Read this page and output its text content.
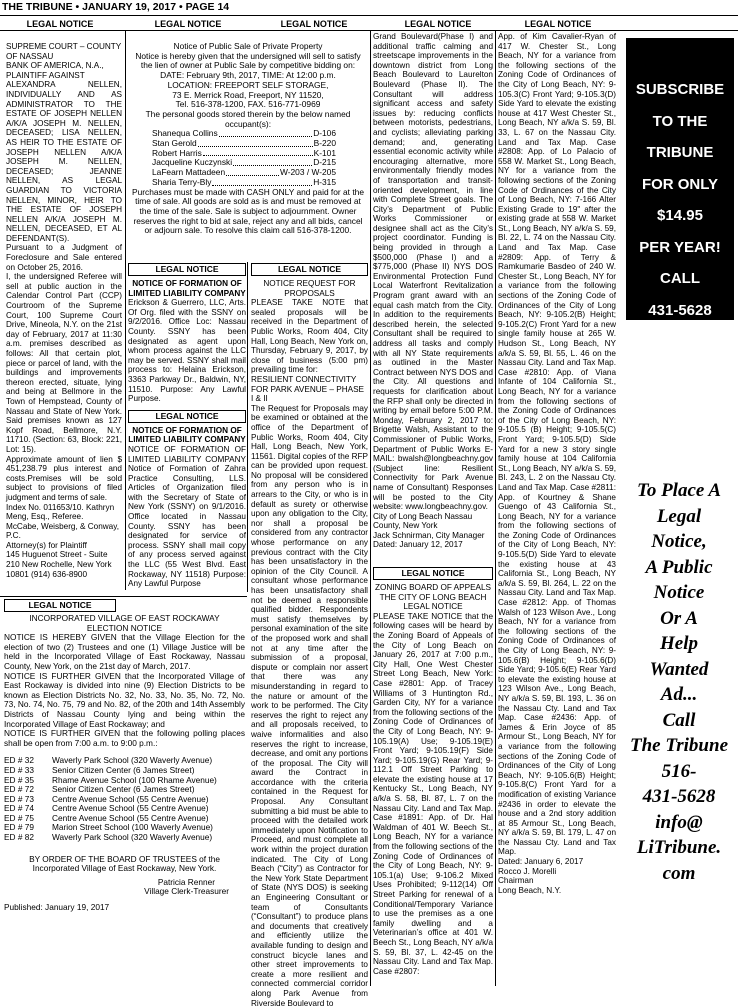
THE TRIBUNE • JANUARY 19, 2017 • PAGE 14
LEGAL NOTICE	LEGAL NOTICE	LEGAL NOTICE	LEGAL NOTICE	LEGAL NOTICE

SUPREME COURT – COUNTY OF NASSAU

BANK OF AMERICA, N.A., PLAINTIFF AGAINST

ALEXANDRA NELLEN, INDIVIDUALLY AND AS ADMINISTRATOR TO THE ESTATE OF JOSEPH NELLEN A/K/A JOSEPH M. NELLEN, DECEASED; LISA NELLEN, AS HEIR TO THE ESTATE OF JOSEPH NELLEN A/K/A JOSEPH M. NELLEN, DECEASED; JEANNE NELLEN, AS LEGAL GUARDIAN TO VICTORIA NELLEN, MINOR, HEIR TO THE ESTATE OF JOSEPH NELLEN A/K/A JOSEPH M. NELLEN, DECEASED, ET AL DEFENDANT(S).

Pursuant to a Judgment of Foreclosure and Sale entered on October 25, 2016.

I, the undersigned Referee will sell at public auction in the Calendar Control Part (CCP) Courtroom of the Supreme Court, 100 Supreme Court Drive, Mineola, N.Y. on the 21st day of February, 2017 at 11:30 a.m. premises described as follows: All that certain plot, piece or parcel of land, with the buildings and improvements thereon erected, situate, lying and being at Bellmore in the Town of Hempstead, County of Nassau and State of New York. Said premises known as 127 Kopf Road, Bellmore, N.Y. 11710. (Section: 63, Block: 221, Lot: 15).

Approximate amount of lien $ 451,238.79 plus interest and costs.Premises will be sold subject to provisions of filed judgment and terms of sale.

Index No. 011653/10. Kathryn Meng, Esq., Referee.

McCabe, Weisberg, & Conway, P.C.

Attorney(s) for Plaintiff

145 Huguenot Street - Suite 210 New Rochelle, New York 10801 (914) 636-8900

Notice of Public Sale of Private Property

Notice is hereby given that the undersigned will sell to satisfy the lien of owner at Public Sale by competitive bidding on:

DATE: February 9th, 2017, TIME: At 12:00 p.m.

LOCATION: FREEPORT SELF STORAGE,

73 E. Merrick Road, Freeport, NY 11520,

Tel. 516-378-1200, FAX. 516-771-0969

The personal goods stored therein by the below named occupant(s):

Shanequa Collins	D-106
Stan Gerold	B-220
Robert Harris	K-101
Jacqueline Kuczynski	D-215
LaFearn Mattadeen	W-203 / W-205
Sharia Terry-Bly	H-315

Purchases must be made with CASH ONLY and paid for at the time of sale. All goods are sold as is and must be removed at the time of the sale. Sale is subject to adjournment. Owner reserves the right to bid at sale, reject any and all bids, cancel or adjourn sale. To resolve this claim call 516-378-1200.

LEGAL NOTICE

NOTICE OF FORMATION OF LIMITED LIABILITY COMPANY

Erickson & Guerrero, LLC, Arts. Of Org. filed with the SSNY on 9/2/2016. Office Loc: Nassau County. SSNY has been designated as agent upon whom process against the LLC may be served. SSNY shall mail process to: Helaina Erickson, 3363 Parkway Dr., Baldwin, NY, 11510. Purpose: Any Lawful Purpose.

LEGAL NOTICE

NOTICE OF FORMATION OF LIMITED LIABILITY COMPANY

NOTICE OF FORMATION OF LIMITED LIABILITY COMPANY Notice of Formation of Zahra Practice Consulting, LLS. Articles of Organization filed with the Secretary of State of New York (SSNY) on 9/1/2016. Office located in Nassau County. SSNY has been designated for service of process. SSNY shall mail copy of any process served against the LLC (55 West Blvd. East Rockaway, NY 11518) Purpose: Any Lawful Purpose

LEGAL NOTICE

NOTICE REQUEST FOR PROPOSALS

PLEASE TAKE NOTE that sealed proposals will be received in the Department of Public Works, Room 404, City Hall, Long Beach, New York on, Thursday, February 9, 2017, by close of business (5:00 pm) prevailing time for:

RESILIENT CONNECTIVITY FOR PARK AVENUE – PHASE I & II

The Request for Proposals may be examined or obtained at the office of the Department of Public Works, Room 404, City Hall, Long Beach, New York, 11561. Digital copies of the RFP can be provided upon request. No proposal will be considered from any person who is in arrears to the City, or who is in default as surety or otherwise upon any obligation to the City, nor shall a proposal be considered from any contractor whose performance on any previous contract with the City has been unsatisfactory in the opinion of the City Council. A consultant whose performance has been unsatisfactory shall not be deemed a responsible qualified bidder. Respondents must satisfy themselves by personal examination of the site of the proposed work and shall not at any time after the submission of a proposal, dispute or complain nor assert that there was any misunderstanding in regard to the nature or amount of the work to be performed. The City reserves the right to reject any and all proposals received, to waive informalities and also reserves the right to increase, decrease, and omit any portions of the proposal. The City will award the Contract in accordance with the criteria contained in the Request for Proposal. Any Consultant submitting a bid must be able to proceed with the detailed work immediately upon Notification to Proceed, and must complete all work within the project duration indicated. The City of Long Beach (“City”) as Contractor for the New York State Department of State (NYS DOS) is seeking an Engineering Consultant or team of Consultants (“Consultant”) to produce plans and documents that creatively and efficiently utilize the available funding to design and construct bicycle lanes and other street improvements to create a more resilient and connected commercial corridor along Park Avenue from Riverside Boulevard to

Grand Boulevard(Phase I) and additional traffic calming and streetscape improvements in the downtown district from Long Beach Boulevard to Laurelton Boulevard (Phase II). The Consultant will address significant access and safety issues by: reducing conflicts between motorists, pedestrians, and cyclists; alleviating parking demand; and, generating essential economic activity while encouraging alternative, more environmentally friendly modes of transportation and transit-oriented development, in line with Complete Street goals. The City’s Department of Public Works Commissioner or designee shall act as the City’s project coordinator. Funding is being provided in through a $500,000 (Phase I) and a $775,000 (Phase II) NYS DOS Environmental Protection Fund Local Waterfront Revitalization Program grant award with an equal cash match from the City. In addition to the requirements described herein, the selected Consultant shall be required to address all tasks and comply with all NY State requirements as outlined in the Master Contract between NYS DOS and the City. All questions and requests for clarification about the RFP shall only be directed in writing by email before 5:00 P.M. Monday, February 2, 2017 to: Brigette Walsh, Assistant to the Commissioner of Public Works, Department of Public Works E-MAIL: bwalsh@longbeachny.gov (Subject line: Resilient Connectivity for Park Avenue name of Consultant) Responses will be posted to the City website: www.longbeachny.gov.

City of Long Beach Nassau County, New York

Jack Schnirman, City Manager

Dated: January 12, 2017

LEGAL NOTICE

ZONING BOARD OF APPEALS THE CITY OF LONG BEACH LEGAL NOTICE

PLEASE TAKE NOTICE that the following cases will be heard by the Zoning Board of Appeals of the City of Long Beach on January 26, 2017 at 7:00 p.m., City Hall, One West Chester Street Long Beach, New York: Case #2801: App. of Tracey Williams of 3 Huntington Rd., Garden City, NY for a variance from the following sections of the Zoning Code of Ordinances of the City of Long Beach, NY: 9-105.19(A) Use; 9-105.19(E) Front Yard; 9-105.19(F) Side Yard; 9-105.19(G) Rear Yard; 9-112.1 Off Street Parking to elevate the existing house at 17 Kentucky St., Long Beach, NY a/k/a S. 58, Bl. 87, L. 7 on the Nassau City. Land and Tax Map. Case #1891: App. of Dr. Hal Waldman of 401 W. Beech St., Long Beach, NY for a variance from the following sections of the Zoning Code of Ordinances of the City of Long Beach, NY: 9-105.1(a) Use; 9-106.2 Mixed Uses Prohibited; 9-112(14) Off Street Parking for renewal of a Conditional/Temporary Variance to use the premises as a one family dwelling and a Veterinarian’s office at 401 W. Beech St., Long Beach, NY a/k/a S. 59, Bl. 37, L. 42-45 on the Nassau City. Land and Tax Map. Case #2807:

App. of Kim Cavalier-Ryan of 417 W. Chester St., Long Beach, NY for a variance from the following sections of the Zoning Code of Ordinances of the City of Long Beach, NY: 9-105.3(C) Front Yard; 9-105.3(D) Side Yard to elevate the existing house at 417 West Chester St., Long Beach, NY a/k/a S. 59, Bl. 33, L. 67 on the Nassau City. Land and Tax Map. Case #2808: App. of Lo Palacio of 558 W. Market St., Long Beach, NY for a variance from the following sections of the Zoning Code of Ordinances of the City of Long Beach, NY: 7-166 Alter Existing Grade to 19" after the existing grade at 558 W. Market St., Long Beach, NY a/k/a S. 59, Bl. 22, L. 74 on the Nassau City. Land and Tax Map. Case #2809: App. of Terry & Ramkumarie Basdeo of 240 W. Chester St., Long Beach, NY for a variance from the following sections of the Zoning Code of Ordinances of the City of Long Beach, NY: 9-105.2(B) Height; 9-105.2(C) Front Yard for a new single family house at 265 W. Hudson St., Long Beach, NY a/k/a S. 59, Bl. 55, L. 46 on the Nassau City. Land and Tax Map. Case #2810: App. of Viana Infante of 104 California St., Long Beach, NY for a variance from the following sections of the Zoning Code of Ordinances of the City of Long Beach, NY: 9-105.5 (B) Height; 9-105.5(C) Front Yard; 9-105.5(D) Side Yard for a new 3 story single family house at 104 California St., Long Beach, NY a/k/a S. 59, Bl. 243, L. 2 on the Nassau Cty. Land and Tax Map. Case #2811: App. of Kourtney & Shane Guengo of 43 California St., Long Beach, NY for a variance from the following sections of the Zoning Code of Ordinances of the City of Long Beach, NY: 9-105.5(D) Side Yard to elevate the existing house at 43 California St., Long Beach, NY a/k/a S. 59, Bl. 264, L. 22 on the Nassau City. Land and Tax Map. Case #2812: App. of Thomas Walsh of 123 Wilson Ave., Long Beach, NY for a variance from the following sections of the Zoning Code of Ordinances of the City of Long Beach, NY: 9-105.6(B) Height; 9-105.6(D) Side Yard; 9-105.6(E) Rear Yard to elevate the existing house at 123 Wilson Ave., Long Beach, NY a/k/a S. 59, Bl. 193, L. 36 on the Nassau Cty. Land and Tax Map. Case #2436: App. of James & Erin Joyce of 85 Armour St., Long Beach, NY for a variance from the following sections of the Zoning Code of Ordinances of the City of Long Beach, NY: 9-105.6(B) Height; 9-105.8(C) Front Yard for a modification of existing Variance #2436 in order to elevate the house and a 2nd story addition at 85 Armour St., Long Beach, NY a/k/a S. 59, Bl. 179, L. 47 on the Nassau Cty. Land and Tax Map.

Dated: January 6, 2017

Rocco J. Morelli

Chairman

Long Beach, N.Y.

LEGAL NOTICE

INCORPORATED VILLAGE OF EAST ROCKAWAY

ELECTION NOTICE

NOTICE IS HEREBY GIVEN that the Village Election for the election of two (2) Trustees and one (1) Village Justice will be held in the Incorporated Village of East Rockaway, Nassau County, New York, on the 21st day of March, 2017.

NOTICE IS FURTHER GIVEN that the Incorporated Village of East Rockaway is divided into nine (9) Election Districts to be known as Election Districts No. 32, No. 33, No. 35, No. 72, No. 73, No. 74, No. 75, 79 and No. 82, of the 20th and 14th Assembly Districts of Nassau County lying and being within the Incorporated Village of East Rockaway; and

NOTICE IS FURTHER GIVEN that the following polling places shall be open from 7:00 a.m. to 9:00 p.m.:

ED # 32	Waverly Park School (320 Waverly Avenue)
ED # 33	Senior Citizen Center (6 James Street)
ED # 35	Rhame Avenue School (100 Rhame Avenue)
ED # 72	Senior Citizen Center (6 James Street)
ED # 73	Centre Avenue School (55 Centre Avenue)
ED # 74	Centre Avenue School (55 Centre Avenue)
ED # 75	Centre Avenue School (55 Centre Avenue)
ED # 79	Marion Street School (100 Waverly Avenue)
ED # 82	Waverly Park School (320 Waverly Avenue)

BY ORDER OF THE BOARD OF TRUSTEES of the Incorporated Village of East Rockaway, New York.

Patricia Renner

Village Clerk-Treasurer

Published: January 19, 2017

SUBSCRIBE
TO THE
TRIBUNE
FOR ONLY
$14.95
PER YEAR!
CALL
431-5628
To Place A
Legal
Notice,
A Public
Notice
Or A
Help
Wanted
Ad...
Call
The Tribune
516-
431-5628
info@
LiTribune.
com
